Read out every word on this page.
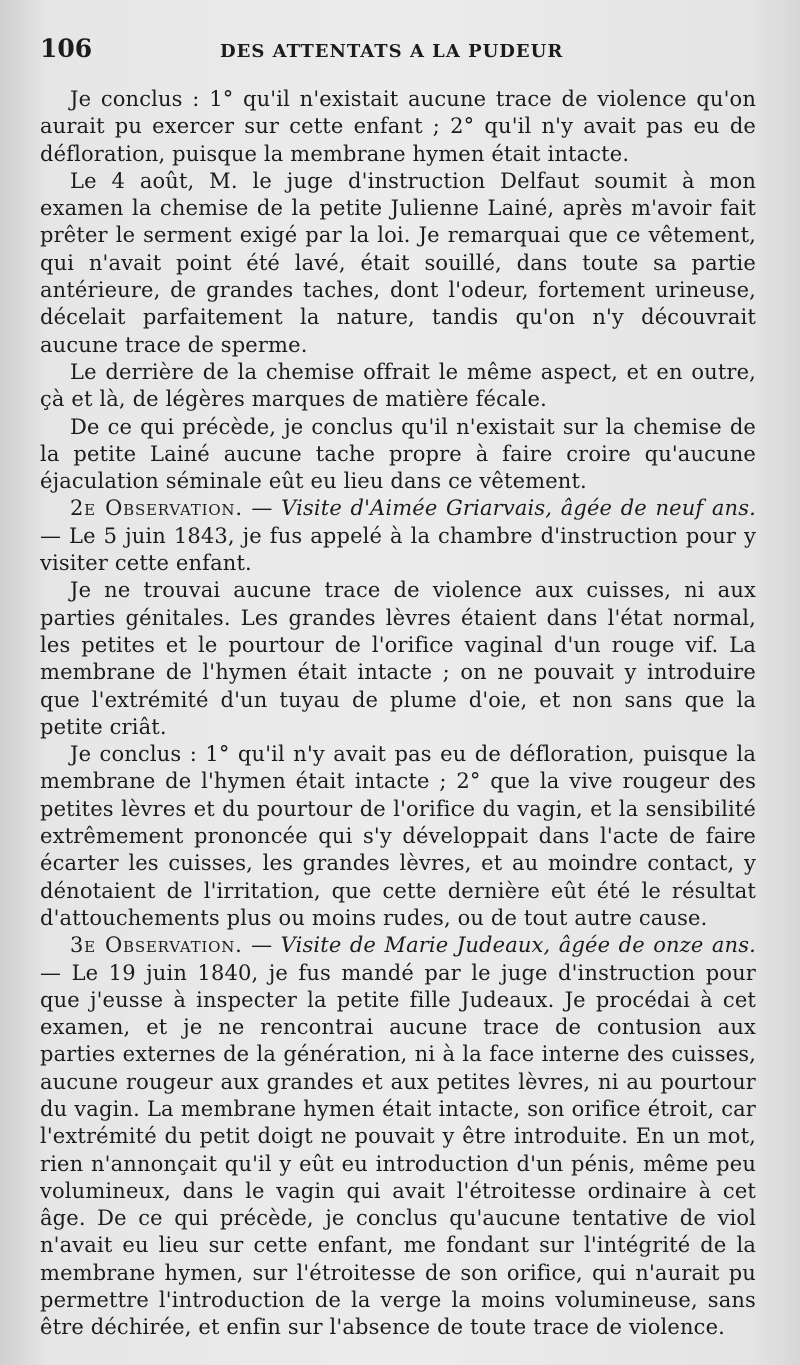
106	DES ATTENTATS A LA PUDEUR

Je conclus : 1° qu'il n'existait aucune trace de violence qu'on aurait pu exercer sur cette enfant ; 2° qu'il n'y avait pas eu de défloration, puisque la membrane hymen était intacte.

Le 4 août, M. le juge d'instruction Delfaut soumit à mon examen la chemise de la petite Julienne Lainé, après m'avoir fait prêter le serment exigé par la loi. Je remarquai que ce vêtement, qui n'avait point été lavé, était souillé, dans toute sa partie antérieure, de grandes taches, dont l'odeur, fortement urineuse, décelait parfaitement la nature, tandis qu'on n'y découvrait aucune trace de sperme.

Le derrière de la chemise offrait le même aspect, et en outre, çà et là, de légères marques de matière fécale.

De ce qui précède, je conclus qu'il n'existait sur la chemise de la petite Lainé aucune tache propre à faire croire qu'aucune éjaculation séminale eût eu lieu dans ce vêtement.

2e Observation. — Visite d'Aimée Griarvais, âgée de neuf ans. — Le 5 juin 1843, je fus appelé à la chambre d'instruction pour y visiter cette enfant.

Je ne trouvai aucune trace de violence aux cuisses, ni aux parties génitales. Les grandes lèvres étaient dans l'état normal, les petites et le pourtour de l'orifice vaginal d'un rouge vif. La membrane de l'hymen était intacte ; on ne pouvait y introduire que l'extrémité d'un tuyau de plume d'oie, et non sans que la petite criât.

Je conclus : 1° qu'il n'y avait pas eu de défloration, puisque la membrane de l'hymen était intacte ; 2° que la vive rougeur des petites lèvres et du pourtour de l'orifice du vagin, et la sensibilité extrêmement prononcée qui s'y développait dans l'acte de faire écarter les cuisses, les grandes lèvres, et au moindre contact, y dénotaient de l'irritation, que cette dernière eût été le résultat d'attouchements plus ou moins rudes, ou de tout autre cause.

3e Observation. — Visite de Marie Judeaux, âgée de onze ans. — Le 19 juin 1840, je fus mandé par le juge d'instruction pour que j'eusse à inspecter la petite fille Judeaux. Je procédai à cet examen, et je ne rencontrai aucune trace de contusion aux parties externes de la génération, ni à la face interne des cuisses, aucune rougeur aux grandes et aux petites lèvres, ni au pourtour du vagin. La membrane hymen était intacte, son orifice étroit, car l'extrémité du petit doigt ne pouvait y être introduite. En un mot, rien n'annonçait qu'il y eût eu introduction d'un pénis, même peu volumineux, dans le vagin qui avait l'étroitesse ordinaire à cet âge. De ce qui précède, je conclus qu'aucune tentative de viol n'avait eu lieu sur cette enfant, me fondant sur l'intégrité de la membrane hymen, sur l'étroitesse de son orifice, qui n'aurait pu permettre l'introduction de la verge la moins volumineuse, sans être déchirée, et enfin sur l'absence de toute trace de violence.
